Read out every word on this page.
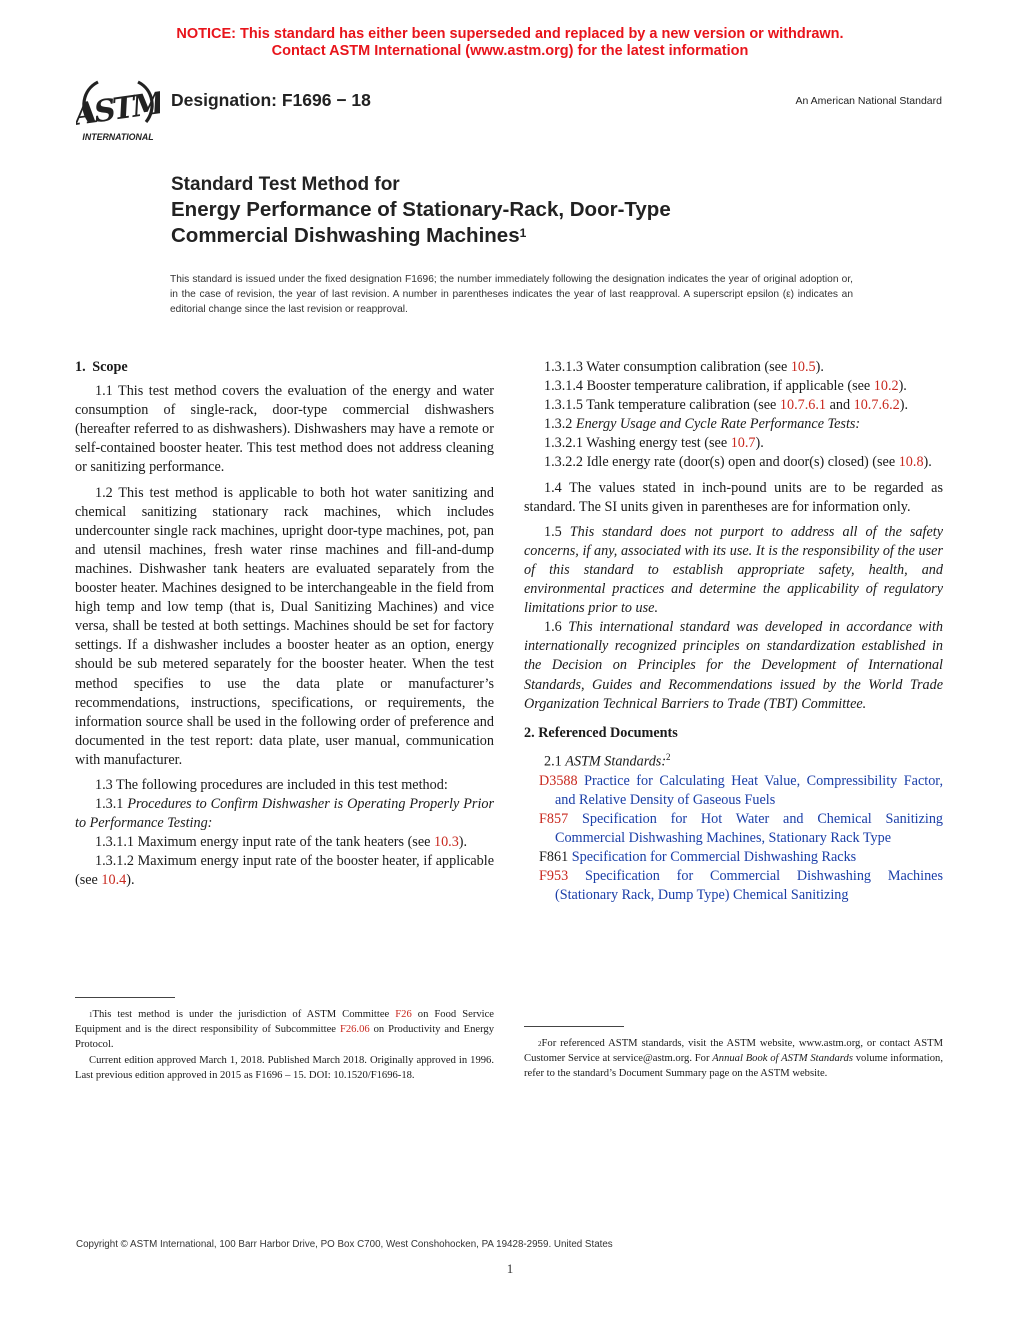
NOTICE: This standard has either been superseded and replaced by a new version or withdrawn.
Contact ASTM International (www.astm.org) for the latest information
ASTM
INTERNATIONAL
Designation: F1696 − 18	An American National Standard
Standard Test Method for
Energy Performance of Stationary-Rack, Door-Type
Commercial Dishwashing Machines$^1$
This standard is issued under the fixed designation F1696; the number immediately following the designation indicates the year of original adoption or, in the case of revision, the year of last revision. A number in parentheses indicates the year of last reapproval. A superscript epsilon (ε) indicates an editorial change since the last revision or reapproval.
1. Scope

1.1 This test method covers the evaluation of the energy and water consumption of single-rack, door-type commercial dishwashers (hereafter referred to as dishwashers). Dishwashers may have a remote or self-contained booster heater. This test method does not address cleaning or sanitizing performance.

1.2 This test method is applicable to both hot water sanitizing and chemical sanitizing stationary rack machines, which includes undercounter single rack machines, upright door-type machines, pot, pan and utensil machines, fresh water rinse machines and fill-and-dump machines. Dishwasher tank heaters are evaluated separately from the booster heater. Machines designed to be interchangeable in the field from high temp and low temp (that is, Dual Sanitizing Machines) and vice versa, shall be tested at both settings. Machines should be set for factory settings. If a dishwasher includes a booster heater as an option, energy should be sub metered separately for the booster heater. When the test method specifies to use the data plate or manufacturer’s recommendations, instructions, specifications, or requirements, the information source shall be used in the following order of preference and documented in the test report: data plate, user manual, communication with manufacturer.

1.3 The following procedures are included in this test method:

1.3.1 Procedures to Confirm Dishwasher is Operating Properly Prior to Performance Testing:

1.3.1.1 Maximum energy input rate of the tank heaters (see 10.3).

1.3.1.2 Maximum energy input rate of the booster heater, if applicable (see 10.4).

$^1$This test method is under the jurisdiction of ASTM Committee F26 on Food Service Equipment and is the direct responsibility of Subcommittee F26.06 on Productivity and Energy Protocol.

Current edition approved March 1, 2018. Published March 2018. Originally approved in 1996. Last previous edition approved in 2015 as F1696 – 15. DOI: 10.1520/F1696-18.

1.3.1.3 Water consumption calibration (see 10.5).

1.3.1.4 Booster temperature calibration, if applicable (see 10.2).

1.3.1.5 Tank temperature calibration (see 10.7.6.1 and 10.7.6.2).

1.3.2 Energy Usage and Cycle Rate Performance Tests:

1.3.2.1 Washing energy test (see 10.7).

1.3.2.2 Idle energy rate (door(s) open and door(s) closed) (see 10.8).

1.4 The values stated in inch-pound units are to be regarded as standard. The SI units given in parentheses are for information only.

1.5 This standard does not purport to address all of the safety concerns, if any, associated with its use. It is the responsibility of the user of this standard to establish appropriate safety, health, and environmental practices and determine the applicability of regulatory limitations prior to use.

1.6 This international standard was developed in accordance with internationally recognized principles on standardization established in the Decision on Principles for the Development of International Standards, Guides and Recommendations issued by the World Trade Organization Technical Barriers to Trade (TBT) Committee.

2. Referenced Documents

2.1 ASTM Standards:$^2$

D3588 Practice for Calculating Heat Value, Compressibility Factor, and Relative Density of Gaseous Fuels

F857 Specification for Hot Water and Chemical Sanitizing Commercial Dishwashing Machines, Stationary Rack Type

F861 Specification for Commercial Dishwashing Racks

F953 Specification for Commercial Dishwashing Machines (Stationary Rack, Dump Type) Chemical Sanitizing

$^2$For referenced ASTM standards, visit the ASTM website, www.astm.org, or contact ASTM Customer Service at service@astm.org. For Annual Book of ASTM Standards volume information, refer to the standard’s Document Summary page on the ASTM website.

Copyright © ASTM International, 100 Barr Harbor Drive, PO Box C700, West Conshohocken, PA 19428-2959. United States
1
